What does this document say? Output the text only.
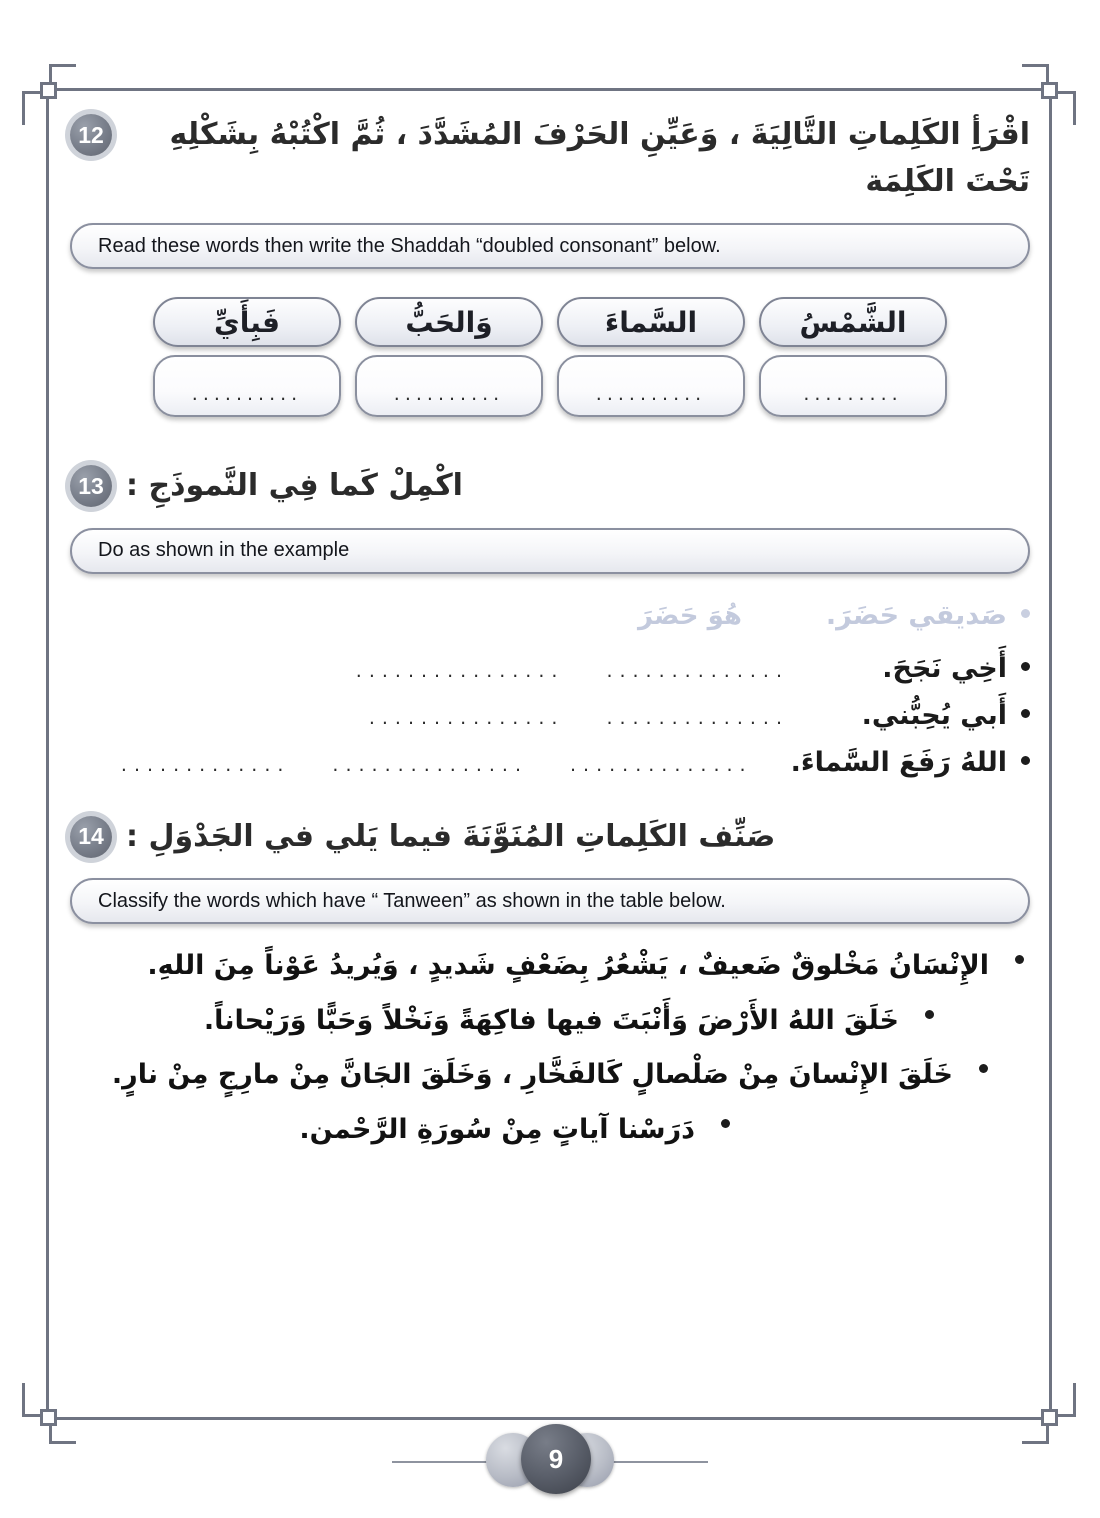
12	اقْرَأِ الكَلِماتِ التَّالِيَةَ ، وَعَيِّنِ الحَرْفَ المُشَدَّدَ ، ثُمَّ اكْتُبْهُ بِشَكْلِهِ تَحْتَ الكَلِمَة
Read these words then write the Shaddah “doubled consonant” below.
الشَّمْسُ
.........
السَّماءَ
..........
وَالحَبُّ
..........
فَبِأَيِّ
..........
13 اكْمِلْ كَما فِي النَّموذَجِ :
Do as shown in the example
صَديقي حَضَرَ.
هُوَ حَضَرَ
أَخِي نَجَحَ.
..............
................
أَبي يُحِبُّني.
..............
...............
اللهُ رَفَعَ السَّماءَ.
..............
...............
.............
14 صَنِّف الكَلِماتِ المُنَوَّنَةَ فيما يَلي في الجَدْوَلِ :
Classify the words which have “ Tanween” as shown in the table below.
الإِنْسَانُ مَخْلوقٌ ضَعيفٌ ، يَشْعُرُ بِضَعْفٍ شَديدٍ ، وَيُريدُ عَوْناً مِنَ اللهِ.
خَلَقَ اللهُ الأَرْضَ وَأَنْبَتَ فيها فاكِهَةً وَنَخْلاً وَحَبًّا وَرَيْحاناً.
خَلَقَ الإِنْسانَ مِنْ صَلْصالٍ كَالفَخَّارِ ، وَخَلَقَ الجَانَّ مِنْ مارِجٍ مِنْ نارٍ.
دَرَسْنا آياتٍ مِنْ سُورَةِ الرَّحْمن.
9
